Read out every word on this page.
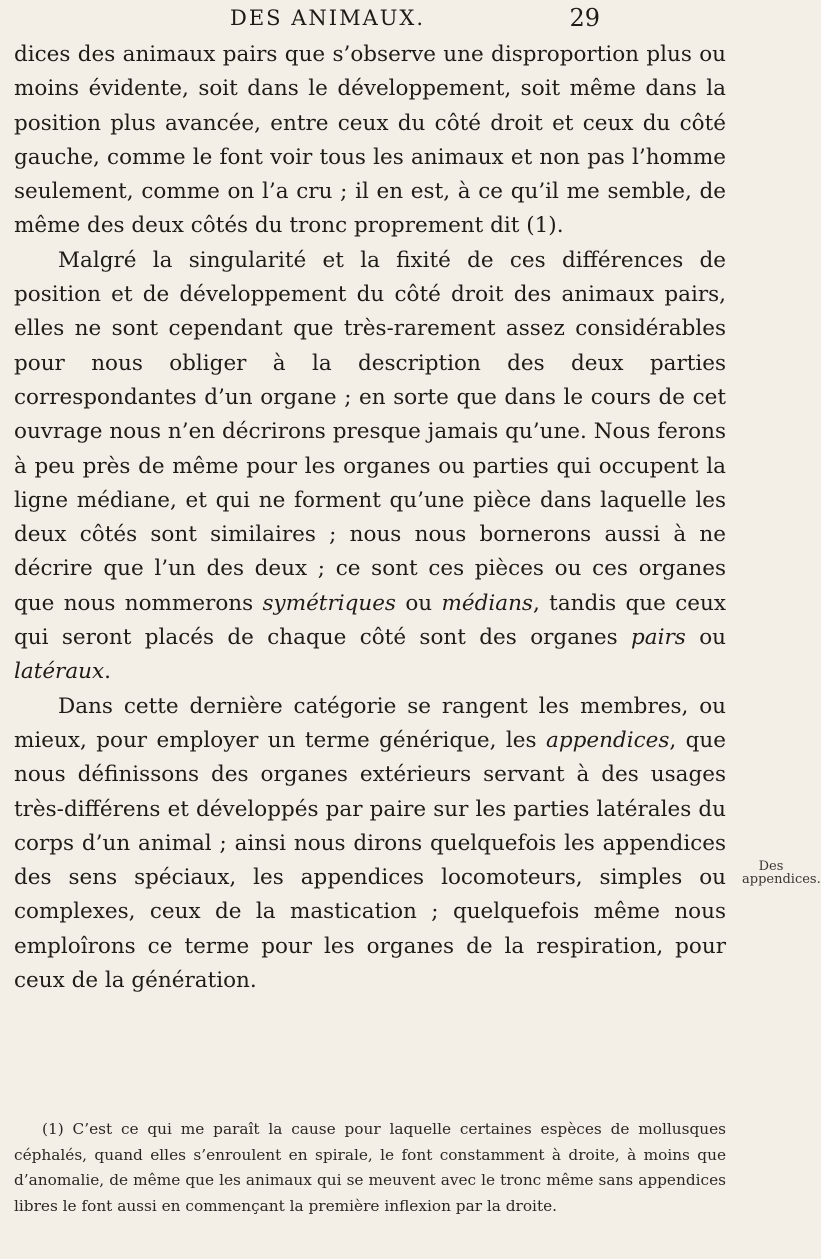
DES ANIMAUX.	29

dices des animaux pairs que s’observe une disproportion plus ou moins évidente, soit dans le développement, soit même dans la position plus avancée, entre ceux du côté droit et ceux du côté gauche, comme le font voir tous les animaux et non pas l’homme seulement, comme on l’a cru ; il en est, à ce qu’il me semble, de même des deux côtés du tronc proprement dit (1).

Malgré la singularité et la fixité de ces différences de position et de développement du côté droit des animaux pairs, elles ne sont cependant que très-rarement assez considérables pour nous obliger à la description des deux parties correspondantes d’un organe ; en sorte que dans le cours de cet ouvrage nous n’en décrirons presque jamais qu’une. Nous ferons à peu près de même pour les organes ou parties qui occupent la ligne médiane, et qui ne forment qu’une pièce dans laquelle les deux côtés sont similaires ; nous nous bornerons aussi à ne décrire que l’un des deux ; ce sont ces pièces ou ces organes que nous nommerons symétriques ou médians, tandis que ceux qui seront placés de chaque côté sont des organes pairs ou latéraux.

Dans cette dernière catégorie se rangent les membres, ou mieux, pour employer un terme générique, les appendices, que nous définissons des organes extérieurs servant à des usages très-différens et développés par paire sur les parties latérales du corps d’un animal ; ainsi nous dirons quelquefois les appendices des sens spéciaux, les appendices locomoteurs, simples ou complexes, ceux de la mastication ; quelquefois même nous emploîrons ce terme pour les organes de la respiration, pour ceux de la génération.

Des appendices.

(1) C’est ce qui me paraît la cause pour laquelle certaines espèces de mollusques céphalés, quand elles s’enroulent en spirale, le font constamment à droite, à moins que d’anomalie, de même que les animaux qui se meuvent avec le tronc même sans appendices libres le font aussi en commençant la première inflexion par la droite.
